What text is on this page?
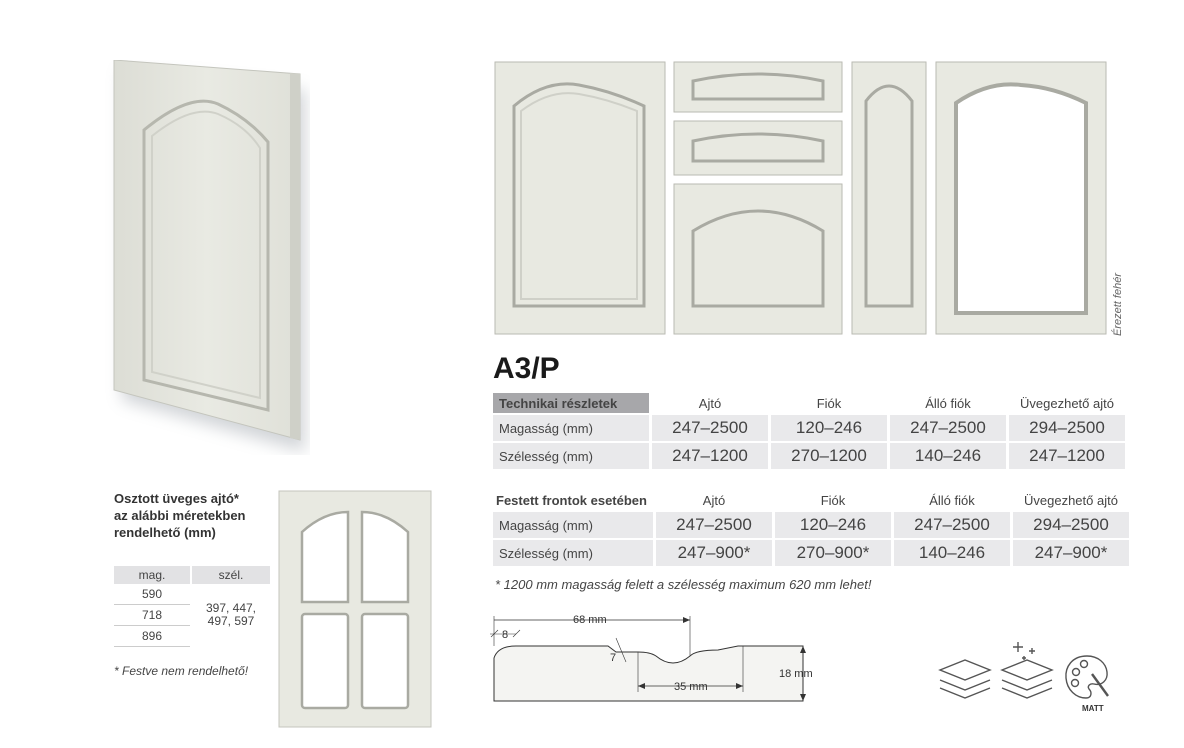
Érezett fehér
A3/P
Technikai részletek	Ajtó	Fiók	Álló fiók	Üvegezhető ajtó
Magasság (mm)	247–2500	120–246	247–2500	294–2500
Szélesség (mm)	247–1200	270–1200	140–246	247–1200
Festett frontok esetében	Ajtó	Fiók	Álló fiók	Üvegezhető ajtó
Magasság (mm)	247–2500	120–246	247–2500	294–2500
Szélesség (mm)	247–900*	270–900*	140–246	247–900*
* 1200 mm magasság felett a szélesség maximum 620 mm lehet!
68 mm
8
7
35 mm
18 mm
MATT
Osztott üveges ajtó*
az alábbi méretekben
rendelhető (mm)
mag.		szél.
590		397, 447,
497, 597

718		
896		
* Festve nem rendelhető!
